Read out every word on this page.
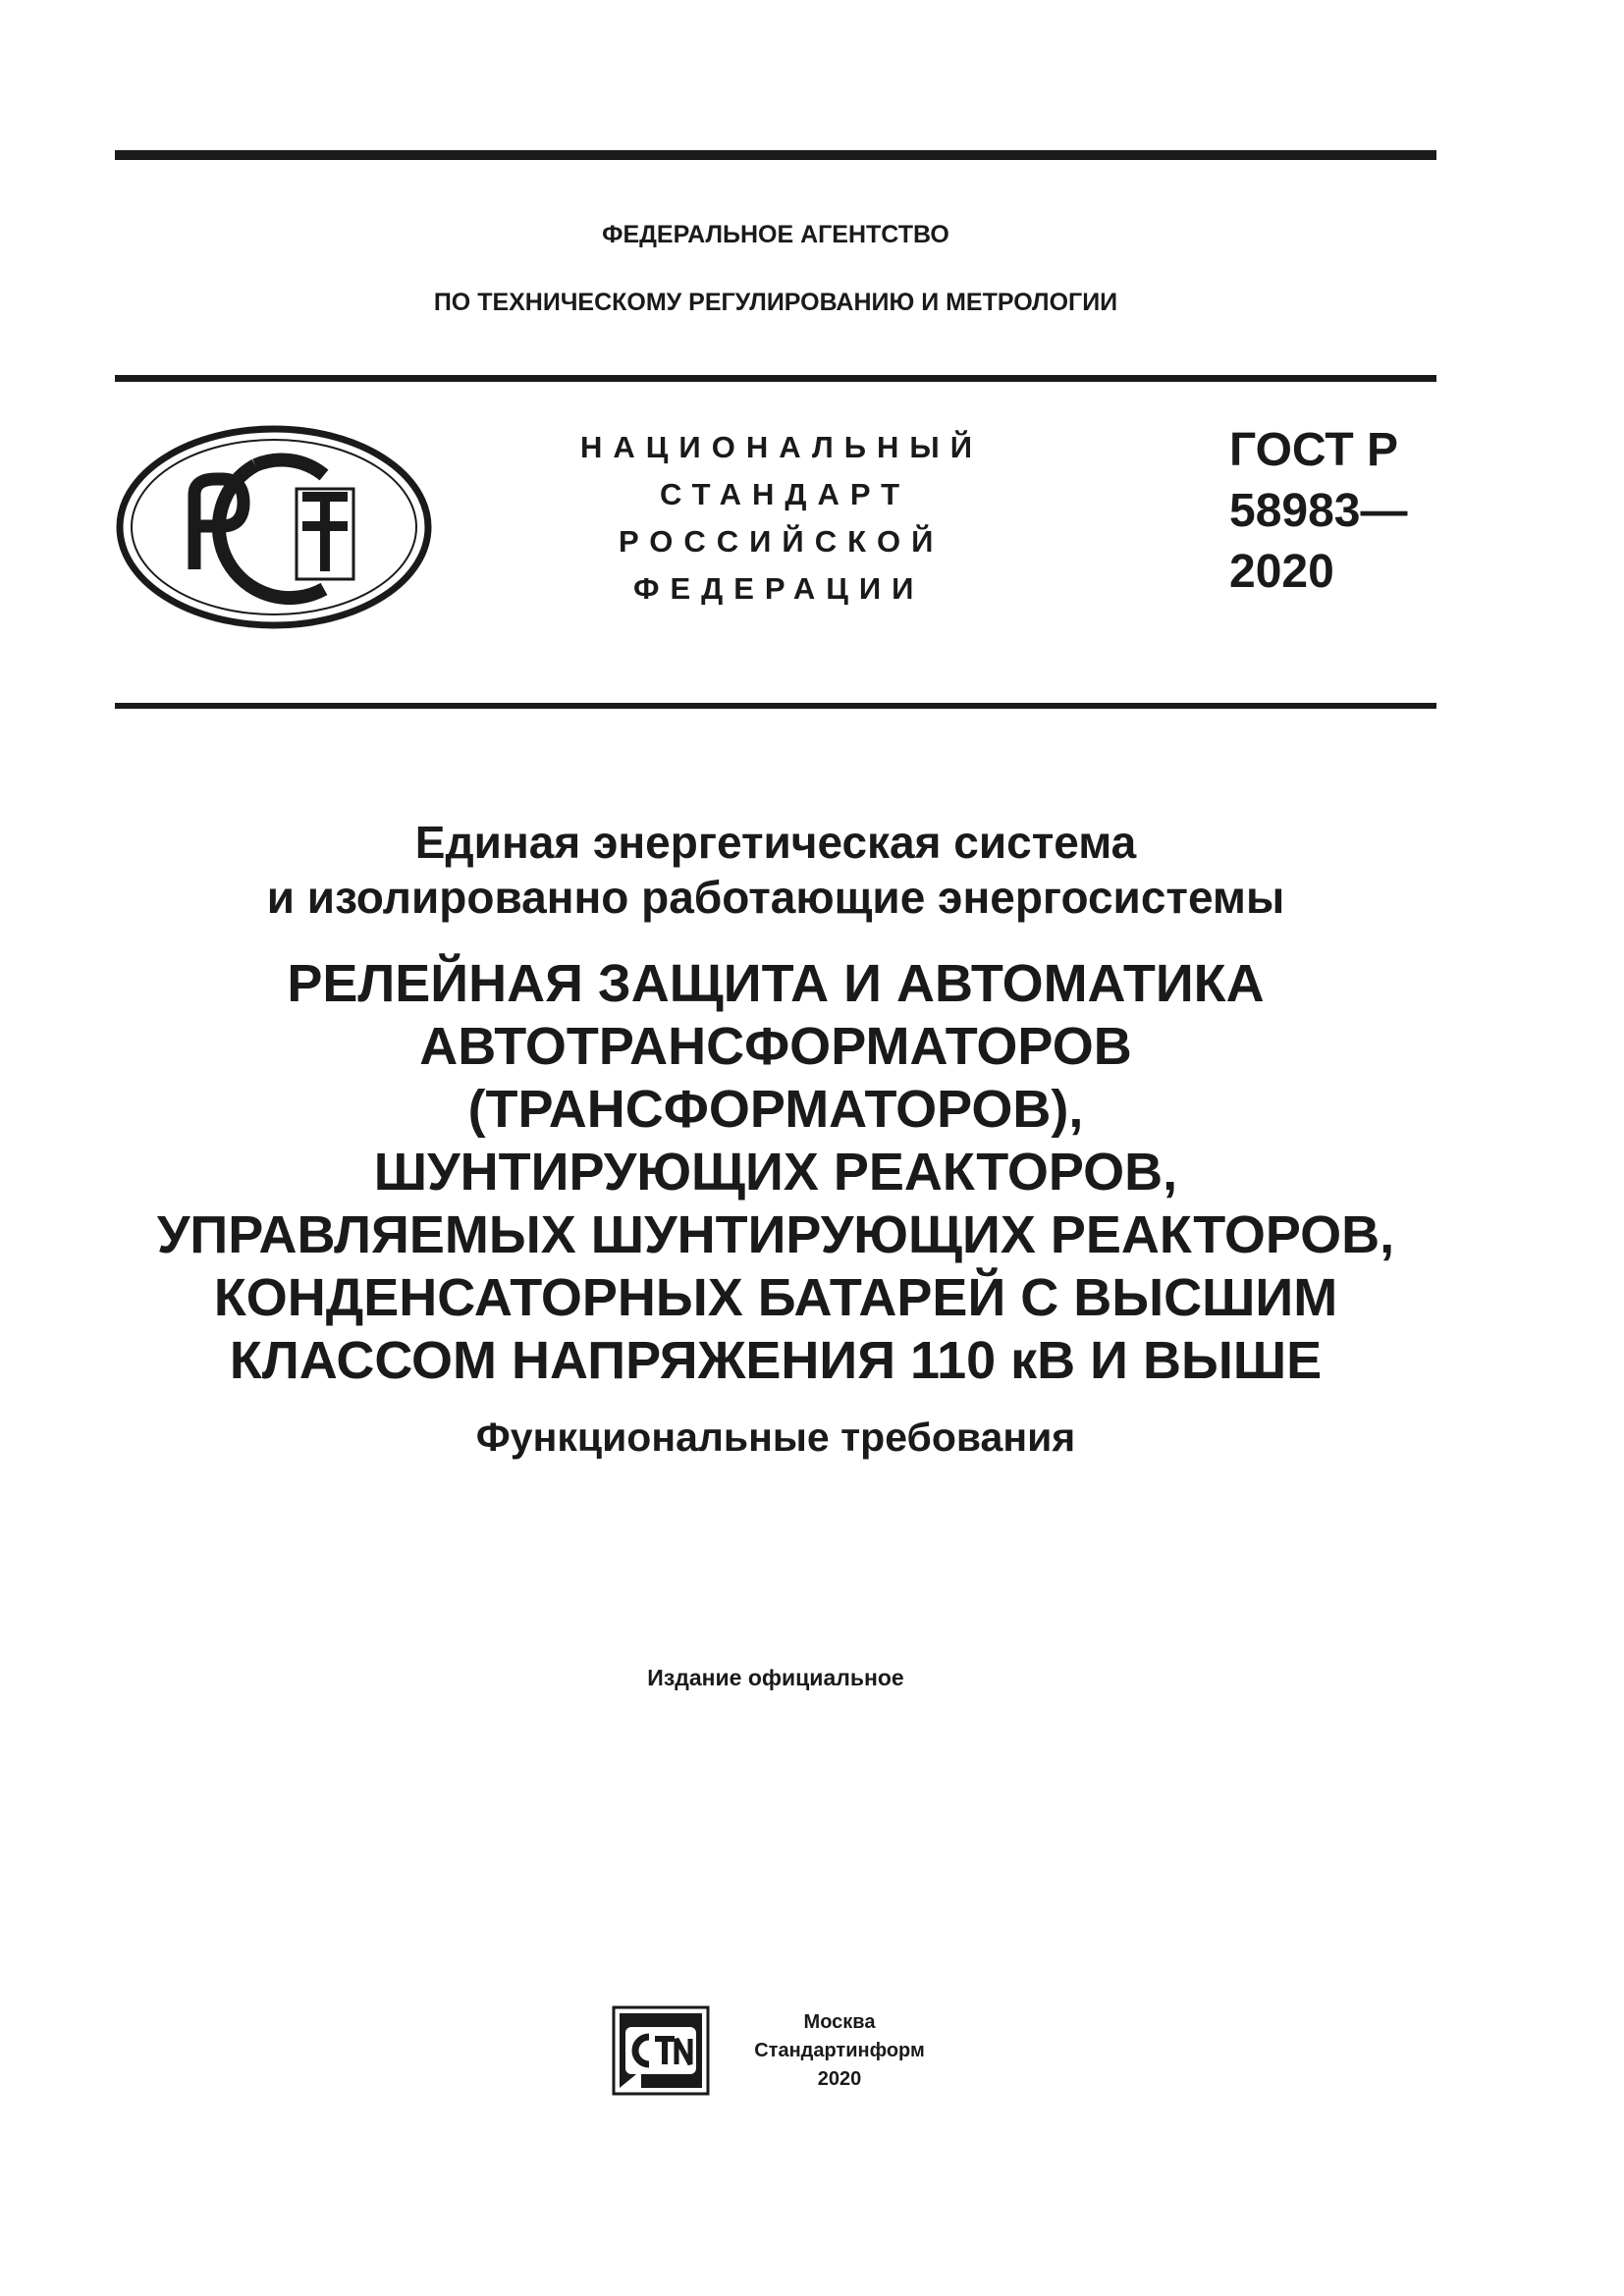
ФЕДЕРАЛЬНОЕ АГЕНТСТВО
ПО ТЕХНИЧЕСКОМУ РЕГУЛИРОВАНИЮ И МЕТРОЛОГИИ
НАЦИОНАЛЬНЫЙ
СТАНДАРТ
РОССИЙСКОЙ
ФЕДЕРАЦИИ
ГОСТ Р
58983—
2020
Единая энергетическая система
и изолированно работающие энергосистемы
РЕЛЕЙНАЯ ЗАЩИТА И АВТОМАТИКА
АВТОТРАНСФОРМАТОРОВ
(ТРАНСФОРМАТОРОВ),
ШУНТИРУЮЩИХ РЕАКТОРОВ,
УПРАВЛЯЕМЫХ ШУНТИРУЮЩИХ РЕАКТОРОВ,
КОНДЕНСАТОРНЫХ БАТАРЕЙ С ВЫСШИМ
КЛАССОМ НАПРЯЖЕНИЯ 110 кВ И ВЫШЕ
Функциональные требования
Издание официальное
Москва
Стандартинформ
2020
